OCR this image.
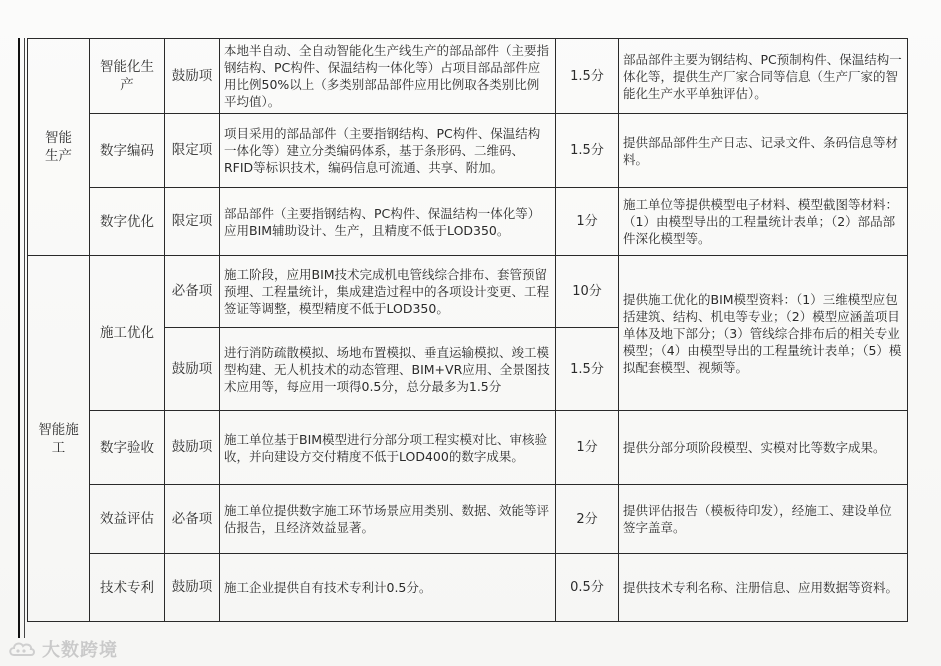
智能生产	智能化生产	鼓励项	本地半自动、全自动智能化生产线生产的部品部件（主要指钢结构、PC构件、保温结构一体化等）占项目部品部件应用比例50%以上（多类别部品部件应用比例取各类别比例平均值）。	1.5分	部品部件主要为钢结构、PC预制构件、保温结构一体化等，提供生产厂家合同等信息（生产厂家的智能化生产水平单独评估）。
	数字编码	限定项	项目采用的部品部件（主要指钢结构、PC构件、保温结构一体化等）建立分类编码体系，基于条形码、二维码、RFID等标识技术，编码信息可流通、共享、附加。	1.5分	提供部品部件生产日志、记录文件、条码信息等材料。
	数字优化	限定项	部品部件（主要指钢结构、PC构件、保温结构一体化等）应用BIM辅助设计、生产，且精度不低于LOD350。	1分	施工单位等提供模型电子材料、模型截图等材料：（1）由模型导出的工程量统计表单；（2）部品部件深化模型等。
智能施工	施工优化	必备项	施工阶段，应用BIM技术完成机电管线综合排布、套管预留预埋、工程量统计，集成建造过程中的各项设计变更、工程签证等调整，模型精度不低于LOD350。	10分	提供施工优化的BIM模型资料：（1）三维模型应包括建筑、结构、机电等专业；（2）模型应涵盖项目单体及地下部分；（3）管线综合排布后的相关专业模型；（4）由模型导出的工程量统计表单；（5）模拟配套模型、视频等。
		鼓励项	进行消防疏散模拟、场地布置模拟、垂直运输模拟、竣工模型构建、无人机技术的动态管理、BIM+VR应用、全景图技术应用等，每应用一项得0.5分，总分最多为1.5分	1.5分	
	数字验收	鼓励项	施工单位基于BIM模型进行分部分项工程实模对比、审核验收，并向建设方交付精度不低于LOD400的数字成果。	1分	提供分部分项阶段模型、实模对比等数字成果。
	效益评估	必备项	施工单位提供数字施工环节场景应用类别、数据、效能等评估报告，且经济效益显著。	2分	提供评估报告（模板待印发），经施工、建设单位签字盖章。
	技术专利	鼓励项	施工企业提供自有技术专利计0.5分。	0.5分	提供技术专利名称、注册信息、应用数据等资料。
大数跨境
